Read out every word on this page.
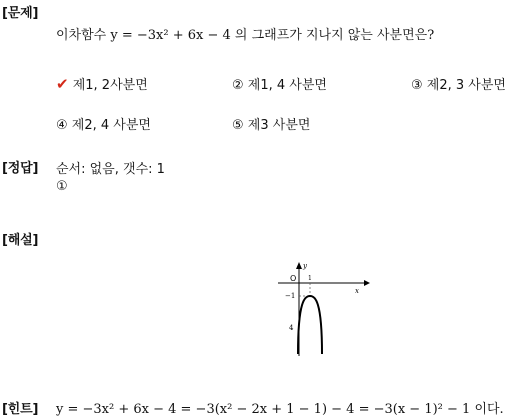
[문제]
이차함수 y = −3x² + 6x − 4 의 그래프가 지나지 않는 사분면은?
✔ 제1, 2사분면	② 제1, 4 사분면	③ 제2, 3 사분면
④ 제2, 4 사분면	⑤ 제3 사분면
[정답] 순서: 없음, 갯수: 1
①
[해설]
y
x
O 1
−1
4
[힌트] y = −3x² + 6x − 4 = −3(x² − 2x + 1 − 1) − 4 = −3(x − 1)² − 1 이다.
